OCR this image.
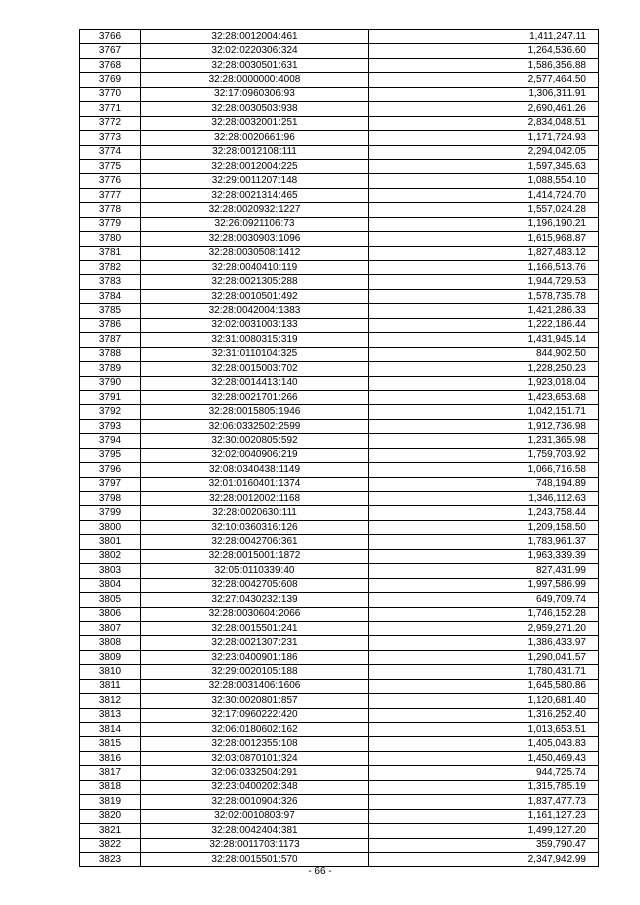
3766	32:28:0012004:461	1,411,247.11
3767	32:02:0220306:324	1,264,536.60
3768	32:28:0030501:631	1,586,356.88
3769	32:28:0000000:4008	2,577,464.50
3770	32:17:0960306:93	1,306,311.91
3771	32:28:0030503:938	2,690,461.26
3772	32:28:0032001:251	2,834,048.51
3773	32:28:0020661:96	1,171,724.93
3774	32:28:0012108:111	2,294,042.05
3775	32:28:0012004:225	1,597,345.63
3776	32:29:0011207:148	1,088,554.10
3777	32:28:0021314:465	1,414,724.70
3778	32:28:0020932:1227	1,557,024.28
3779	32:26:0921106:73	1,196,190.21
3780	32:28:0030903:1096	1,615,968.87
3781	32:28:0030508:1412	1,827,483.12
3782	32:28:0040410:119	1,166,513.76
3783	32:28:0021305:288	1,944,729.53
3784	32:28:0010501:492	1,578,735.78
3785	32:28:0042004:1383	1,421,286.33
3786	32:02:0031003:133	1,222,186.44
3787	32:31:0080315:319	1,431,945.14
3788	32:31:0110104:325	844,902.50
3789	32:28:0015003:702	1,228,250.23
3790	32:28:0014413:140	1,923,018.04
3791	32:28:0021701:266	1,423,653.68
3792	32:28:0015805:1946	1,042,151.71
3793	32:06:0332502:2599	1,912,736.98
3794	32:30:0020805:592	1,231,365.98
3795	32:02:0040906:219	1,759,703.92
3796	32:08:0340438:1149	1,066,716.58
3797	32:01:0160401:1374	748,194.89
3798	32:28:0012002:1168	1,346,112.63
3799	32:28:0020630:111	1,243,758.44
3800	32:10:0360316:126	1,209,158.50
3801	32:28:0042706:361	1,783,961.37
3802	32:28:0015001:1872	1,963,339.39
3803	32:05:0110339:40	827,431.99
3804	32:28:0042705:608	1,997,586.99
3805	32:27:0430232:139	649,709.74
3806	32:28:0030604:2066	1,746,152.28
3807	32:28:0015501:241	2,959,271.20
3808	32:28:0021307:231	1,386,433.97
3809	32:23:0400901:186	1,290,041.57
3810	32:29:0020105:188	1,780,431.71
3811	32:28:0031406:1606	1,645,580.86
3812	32:30:0020801:857	1,120,681.40
3813	32:17:0960222:420	1,316,252.40
3814	32:06:0180602:162	1,013,653.51
3815	32:28:0012355:108	1,405,043.83
3816	32:03:0870101:324	1,450,469.43
3817	32:06:0332504:291	944,725.74
3818	32:23:0400202:348	1,315,785.19
3819	32:28:0010904:326	1,837,477.73
3820	32:02:0010803:97	1,161,127.23
3821	32:28:0042404:381	1,499,127.20
3822	32:28:0011703:1173	359,790.47
3823	32:28:0015501:570	2,347,942.99
- 66 -
